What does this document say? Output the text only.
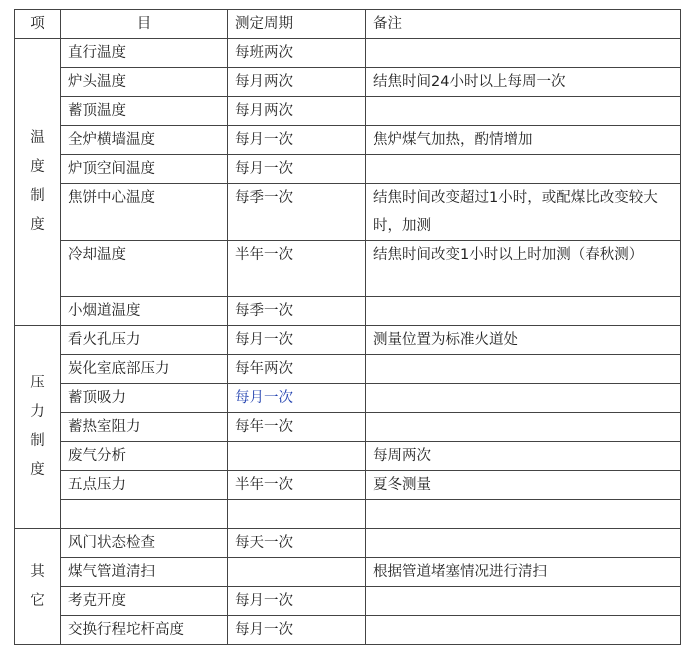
项	目	测定周期	备注
温度制度	直行温度	每班两次	
	炉头温度	每月两次	结焦时间24小时以上每周一次
	蓄顶温度	每月两次	
	全炉横墙温度	每月一次	焦炉煤气加热，酌情增加
	炉顶空间温度	每月一次	
	焦饼中心温度	每季一次	结焦时间改变超过1小时，或配煤比改变较大时，加测
	冷却温度	半年一次	结焦时间改变1小时以上时加测（春秋测）
	小烟道温度	每季一次	
压力制度	看火孔压力	每月一次	测量位置为标准火道处
	炭化室底部压力	每年两次	
	蓄顶吸力	每月一次	
	蓄热室阻力	每年一次	
	废气分析		每周两次
	五点压力	半年一次	夏冬测量

其它	风门状态检查	每天一次	
	煤气管道清扫		根据管道堵塞情况进行清扫
	考克开度	每月一次	
	交换行程坨杆高度	每月一次	
